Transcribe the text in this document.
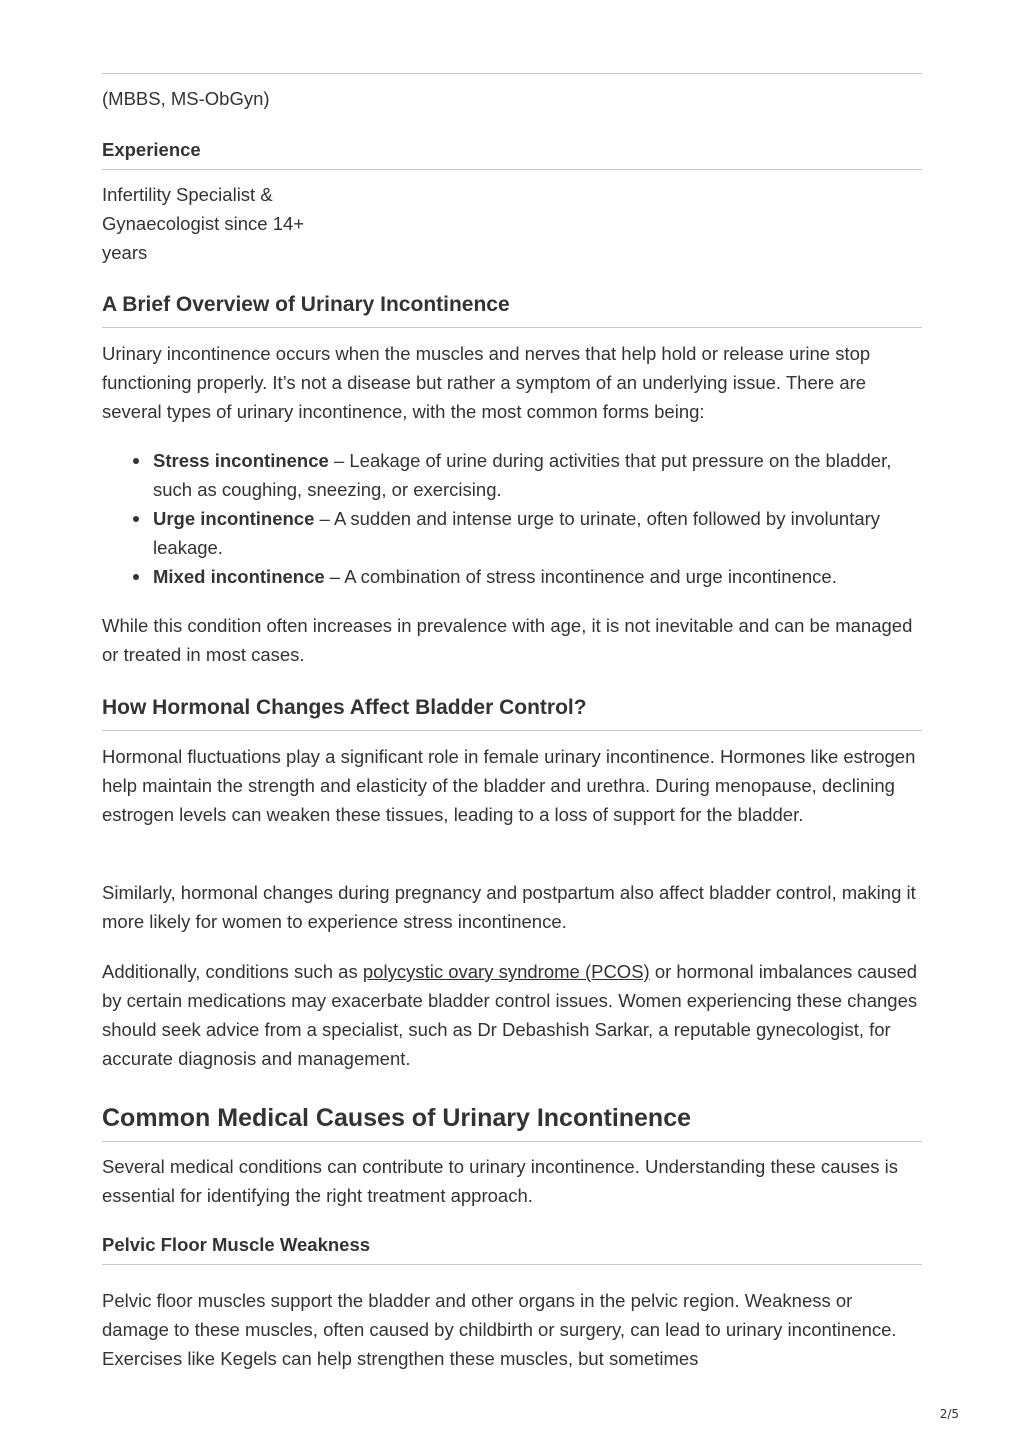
(MBBS, MS-ObGyn)

Experience

Infertility Specialist &
Gynaecologist since 14+
years

A Brief Overview of Urinary Incontinence

Urinary incontinence occurs when the muscles and nerves that help hold or release urine stop functioning properly. It’s not a disease but rather a symptom of an underlying issue. There are several types of urinary incontinence, with the most common forms being:

Stress incontinence – Leakage of urine during activities that put pressure on the bladder, such as coughing, sneezing, or exercising.
Urge incontinence – A sudden and intense urge to urinate, often followed by involuntary leakage.
Mixed incontinence – A combination of stress incontinence and urge incontinence.

While this condition often increases in prevalence with age, it is not inevitable and can be managed or treated in most cases.

How Hormonal Changes Affect Bladder Control?

Hormonal fluctuations play a significant role in female urinary incontinence. Hormones like estrogen help maintain the strength and elasticity of the bladder and urethra. During menopause, declining estrogen levels can weaken these tissues, leading to a loss of support for the bladder.

Similarly, hormonal changes during pregnancy and postpartum also affect bladder control, making it more likely for women to experience stress incontinence.

Additionally, conditions such as polycystic ovary syndrome (PCOS) or hormonal imbalances caused by certain medications may exacerbate bladder control issues. Women experiencing these changes should seek advice from a specialist, such as Dr Debashish Sarkar, a reputable gynecologist, for accurate diagnosis and management.

Common Medical Causes of Urinary Incontinence

Several medical conditions can contribute to urinary incontinence. Understanding these causes is essential for identifying the right treatment approach.

Pelvic Floor Muscle Weakness

Pelvic floor muscles support the bladder and other organs in the pelvic region. Weakness or damage to these muscles, often caused by childbirth or surgery, can lead to urinary incontinence. Exercises like Kegels can help strengthen these muscles, but sometimes

2/5
